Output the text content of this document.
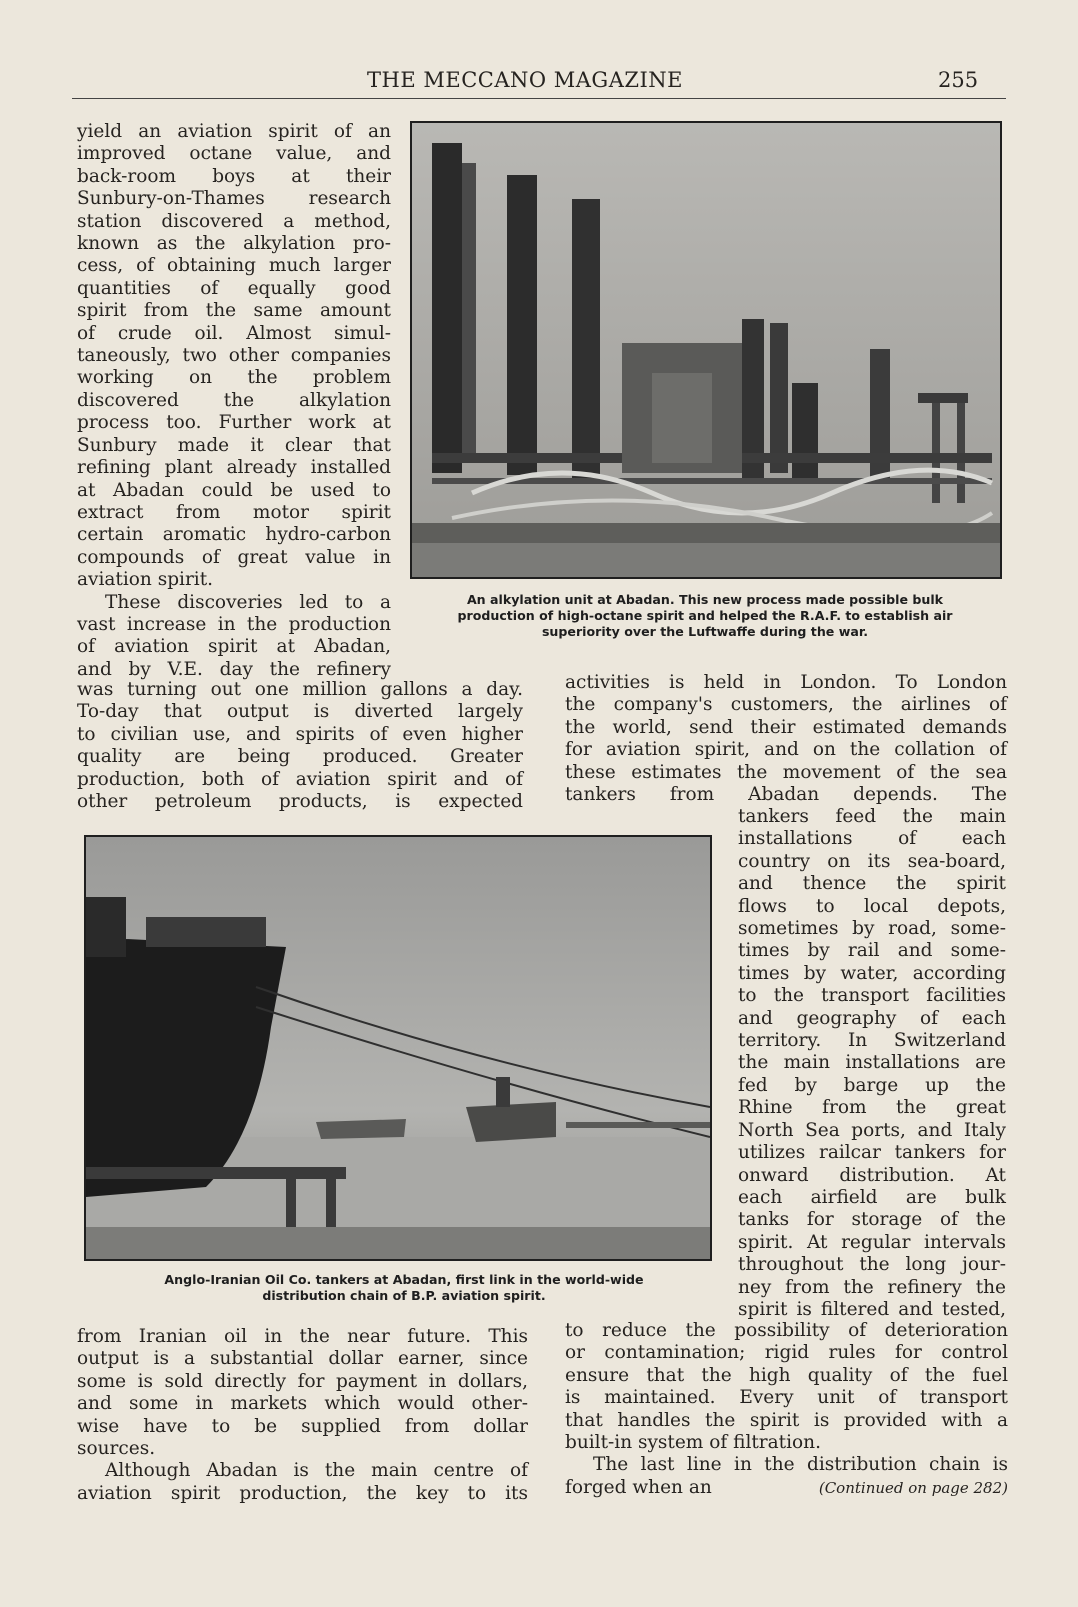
THE MECCANO MAGAZINE	255

yield an aviation spirit of an

improved octane value, and

back-room boys at their

Sunbury-on-Thames research

station discovered a method,

known as the alkylation pro-

cess, of obtaining much larger

quantities of equally good

spirit from the same amount

of crude oil. Almost simul-

taneously, two other companies

working on the problem

discovered the alkylation

process too. Further work at

Sunbury made it clear that

refining plant already installed

at Abadan could be used to

extract from motor spirit

certain aromatic hydro-carbon

compounds of great value in

aviation spirit.

These discoveries led to a

vast increase in the production

of aviation spirit at Abadan,

and by V.E. day the refinery

An alkylation unit at Abadan. This new process made possible bulk
production of high-octane spirit and helped the R.A.F. to establish air
superiority over the Luftwaffe during the war.

was turning out one million gallons a day.

To-day that output is diverted largely

to civilian use, and spirits of even higher

quality are being produced. Greater

production, both of aviation spirit and of

other petroleum products, is expected

activities is held in London. To London

the company's customers, the airlines of

the world, send their estimated demands

for aviation spirit, and on the collation of

these estimates the movement of the sea

tankers from Abadan depends. The

Anglo-Iranian Oil Co. tankers at Abadan, first link in the world-wide
distribution chain of B.P. aviation spirit.

tankers feed the main

installations of each

country on its sea-board,

and thence the spirit

flows to local depots,

sometimes by road, some-

times by rail and some-

times by water, according

to the transport facilities

and geography of each

territory. In Switzerland

the main installations are

fed by barge up the

Rhine from the great

North Sea ports, and Italy

utilizes railcar tankers for

onward distribution. At

each airfield are bulk

tanks for storage of the

spirit. At regular intervals

throughout the long jour-

ney from the refinery the

spirit is filtered and tested,

from Iranian oil in the near future. This

output is a substantial dollar earner, since

some is sold directly for payment in dollars,

and some in markets which would other-

wise have to be supplied from dollar

sources.

Although Abadan is the main centre of

aviation spirit production, the key to its

to reduce the possibility of deterioration

or contamination; rigid rules for control

ensure that the high quality of the fuel

is maintained. Every unit of transport

that handles the spirit is provided with a

built-in system of filtration.

The last line in the distribution chain is

forged when an	(Continued on page 282)
